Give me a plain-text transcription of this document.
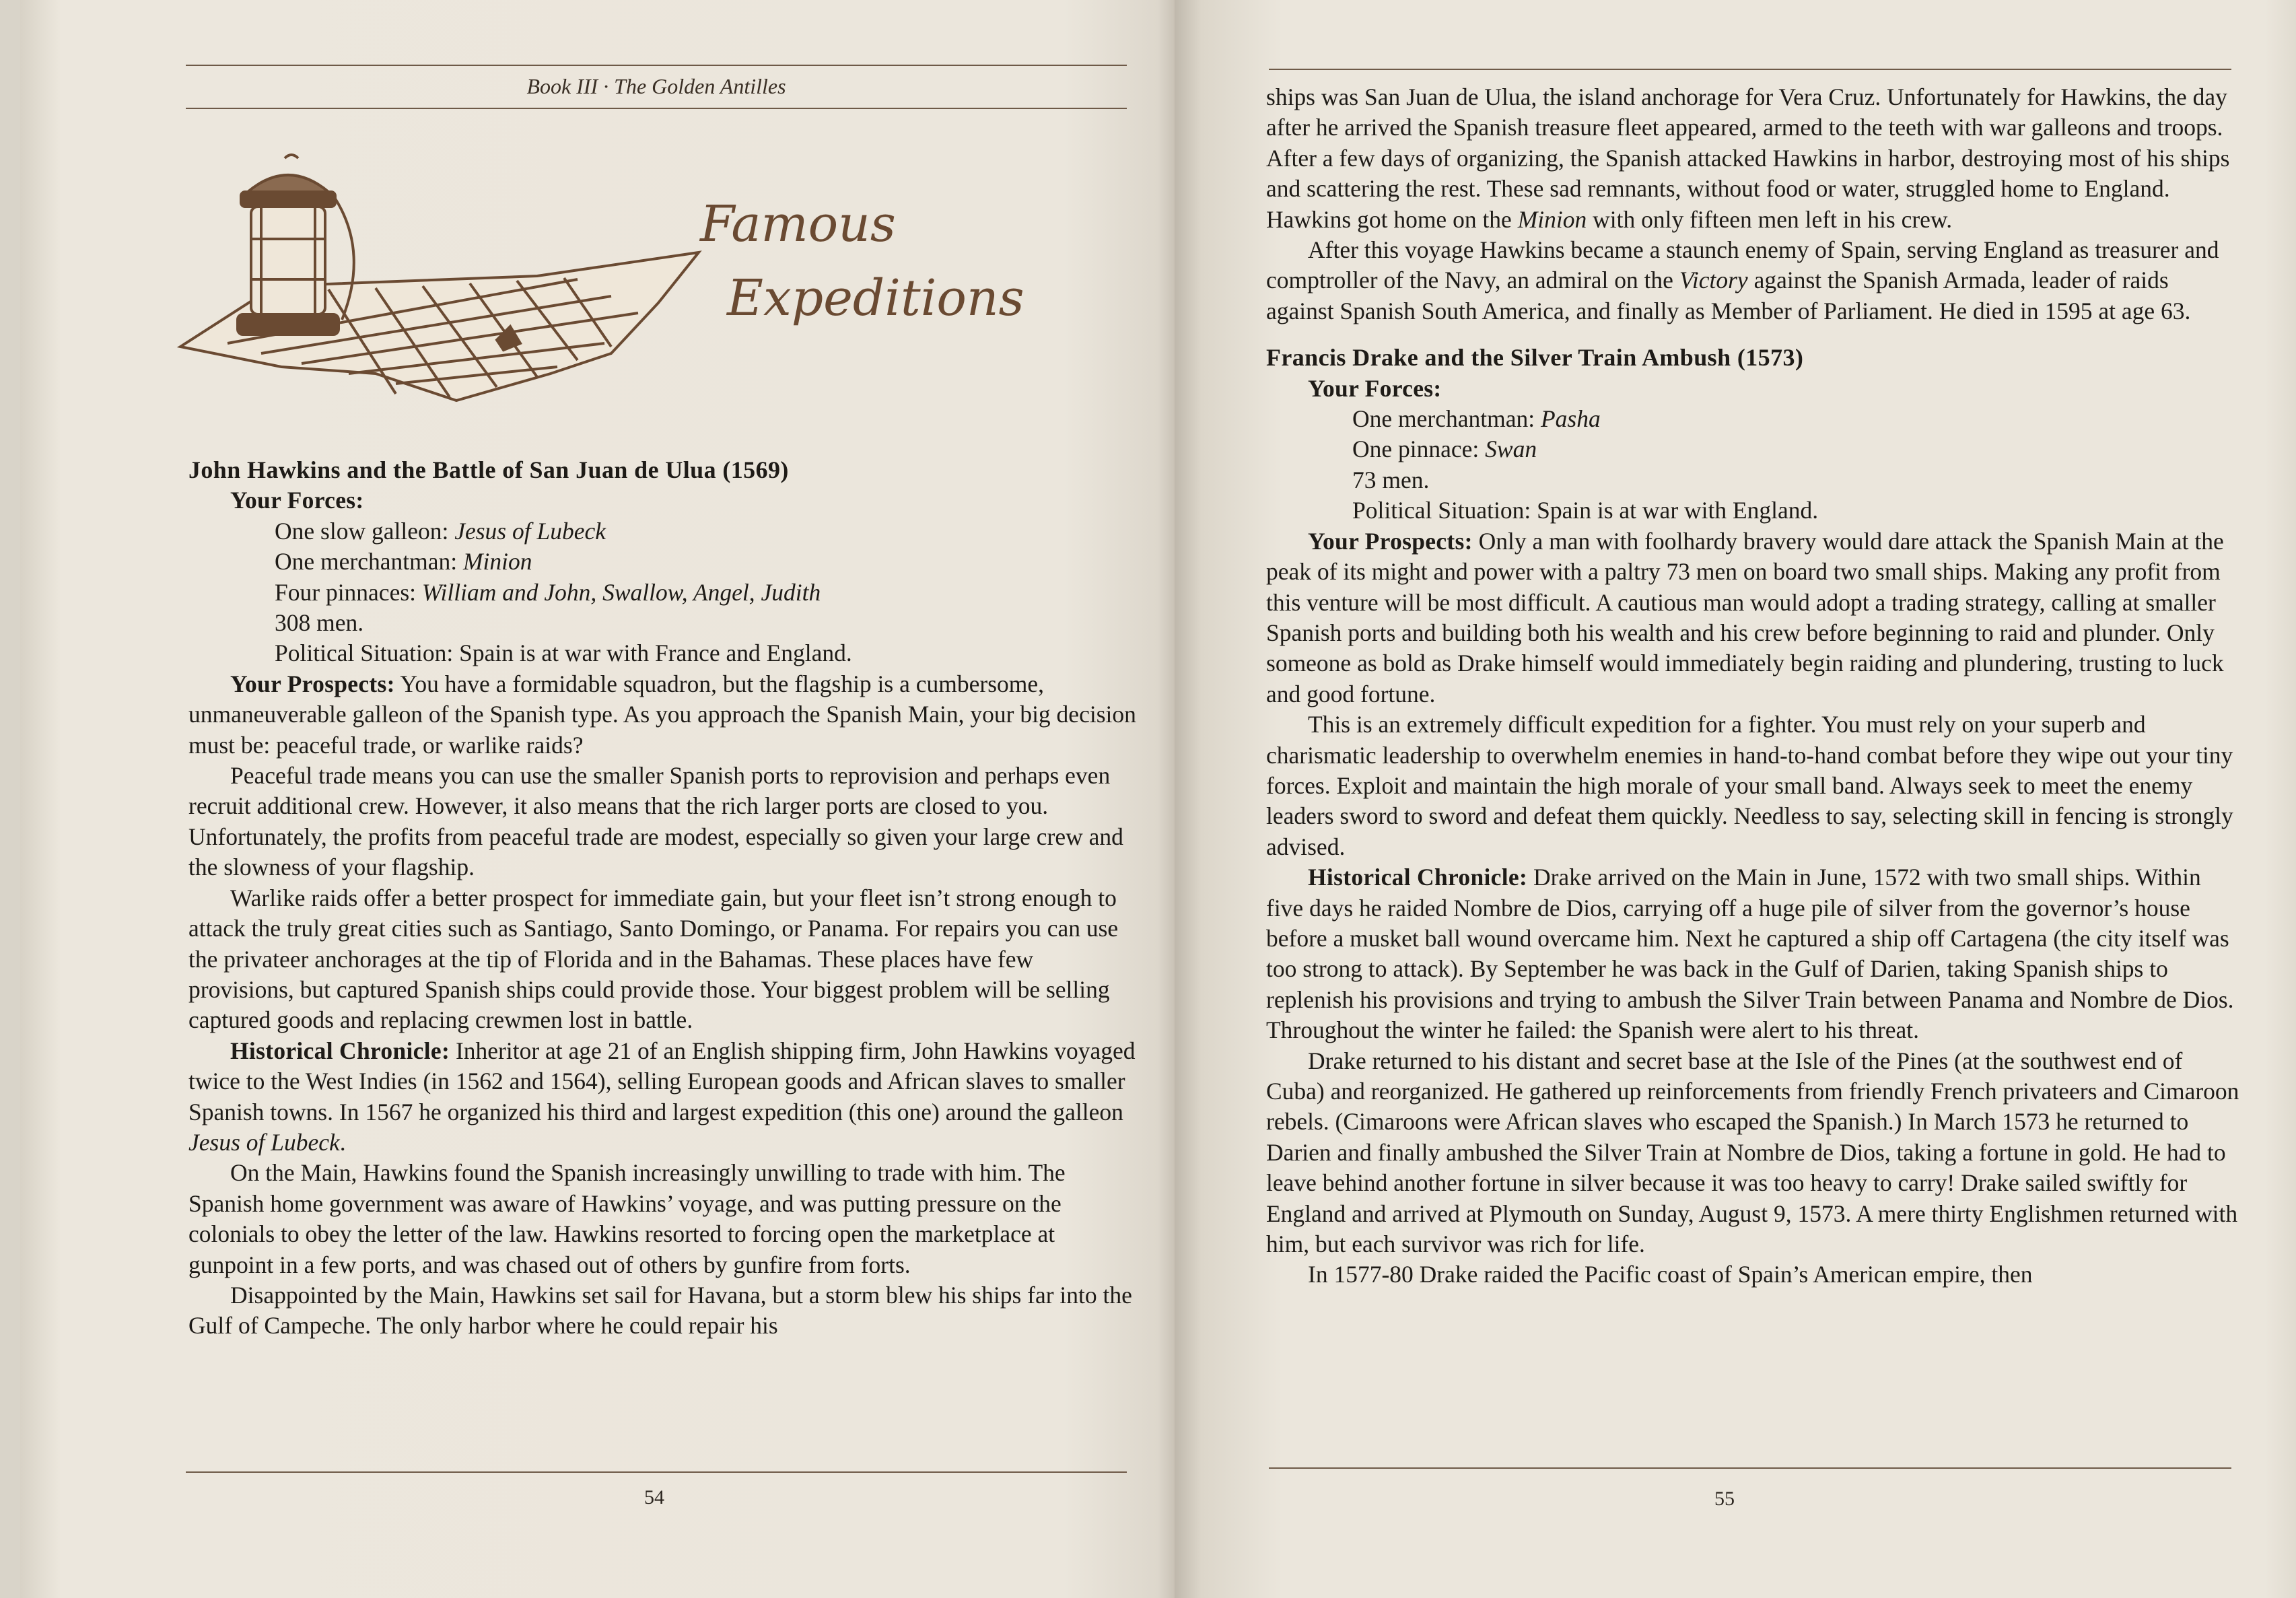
Book III · The Golden Antilles
Famous
Expeditions

John Hawkins and the Battle of San Juan de Ulua (1569)

Your Forces:

One slow galleon: Jesus of Lubeck

One merchantman: Minion

Four pinnaces: William and John, Swallow, Angel, Judith

308 men.

Political Situation: Spain is at war with France and England.

Your Prospects: You have a formidable squadron, but the flagship is a cumbersome, unmaneuverable galleon of the Spanish type. As you approach the Spanish Main, your big decision must be: peaceful trade, or warlike raids?

Peaceful trade means you can use the smaller Spanish ports to reprovision and perhaps even recruit additional crew. However, it also means that the rich larger ports are closed to you. Unfortunately, the profits from peaceful trade are modest, especially so given your large crew and the slowness of your flagship.

Warlike raids offer a better prospect for immediate gain, but your fleet isn’t strong enough to attack the truly great cities such as Santiago, Santo Domingo, or Panama. For repairs you can use the privateer anchorages at the tip of Florida and in the Bahamas. These places have few provisions, but captured Spanish ships could provide those. Your biggest problem will be selling captured goods and replacing crewmen lost in battle.

Historical Chronicle: Inheritor at age 21 of an English shipping firm, John Hawkins voyaged twice to the West Indies (in 1562 and 1564), selling European goods and African slaves to smaller Spanish towns. In 1567 he organized his third and largest expedition (this one) around the galleon Jesus of Lubeck.

On the Main, Hawkins found the Spanish increasingly unwilling to trade with him. The Spanish home government was aware of Hawkins’ voyage, and was putting pressure on the colonials to obey the letter of the law. Hawkins resorted to forcing open the marketplace at gunpoint in a few ports, and was chased out of others by gunfire from forts.

Disappointed by the Main, Hawkins set sail for Havana, but a storm blew his ships far into the Gulf of Campeche. The only harbor where he could repair his

54

ships was San Juan de Ulua, the island anchorage for Vera Cruz. Unfortunately for Hawkins, the day after he arrived the Spanish treasure fleet appeared, armed to the teeth with war galleons and troops. After a few days of organizing, the Spanish attacked Hawkins in harbor, destroying most of his ships and scattering the rest. These sad remnants, without food or water, struggled home to England. Hawkins got home on the Minion with only fifteen men left in his crew.

After this voyage Hawkins became a staunch enemy of Spain, serving England as treasurer and comptroller of the Navy, an admiral on the Victory against the Spanish Armada, leader of raids against Spanish South America, and finally as Member of Parliament. He died in 1595 at age 63.

Francis Drake and the Silver Train Ambush (1573)

Your Forces:

One merchantman: Pasha

One pinnace: Swan

73 men.

Political Situation: Spain is at war with England.

Your Prospects: Only a man with foolhardy bravery would dare attack the Spanish Main at the peak of its might and power with a paltry 73 men on board two small ships. Making any profit from this venture will be most difficult. A cautious man would adopt a trading strategy, calling at smaller Spanish ports and building both his wealth and his crew before beginning to raid and plunder. Only someone as bold as Drake himself would immediately begin raiding and plundering, trusting to luck and good fortune.

This is an extremely difficult expedition for a fighter. You must rely on your superb and charismatic leadership to overwhelm enemies in hand-to-hand combat before they wipe out your tiny forces. Exploit and maintain the high morale of your small band. Always seek to meet the enemy leaders sword to sword and defeat them quickly. Needless to say, selecting skill in fencing is strongly advised.

Historical Chronicle: Drake arrived on the Main in June, 1572 with two small ships. Within five days he raided Nombre de Dios, carrying off a huge pile of silver from the governor’s house before a musket ball wound overcame him. Next he captured a ship off Cartagena (the city itself was too strong to attack). By September he was back in the Gulf of Darien, taking Spanish ships to replenish his provisions and trying to ambush the Silver Train between Panama and Nombre de Dios. Throughout the winter he failed: the Spanish were alert to his threat.

Drake returned to his distant and secret base at the Isle of the Pines (at the southwest end of Cuba) and reorganized. He gathered up reinforcements from friendly French privateers and Cimaroon rebels. (Cimaroons were African slaves who escaped the Spanish.) In March 1573 he returned to Darien and finally ambushed the Silver Train at Nombre de Dios, taking a fortune in gold. He had to leave behind another fortune in silver because it was too heavy to carry! Drake sailed swiftly for England and arrived at Plymouth on Sunday, August 9, 1573. A mere thirty Englishmen returned with him, but each survivor was rich for life.

In 1577-80 Drake raided the Pacific coast of Spain’s American empire, then

55
